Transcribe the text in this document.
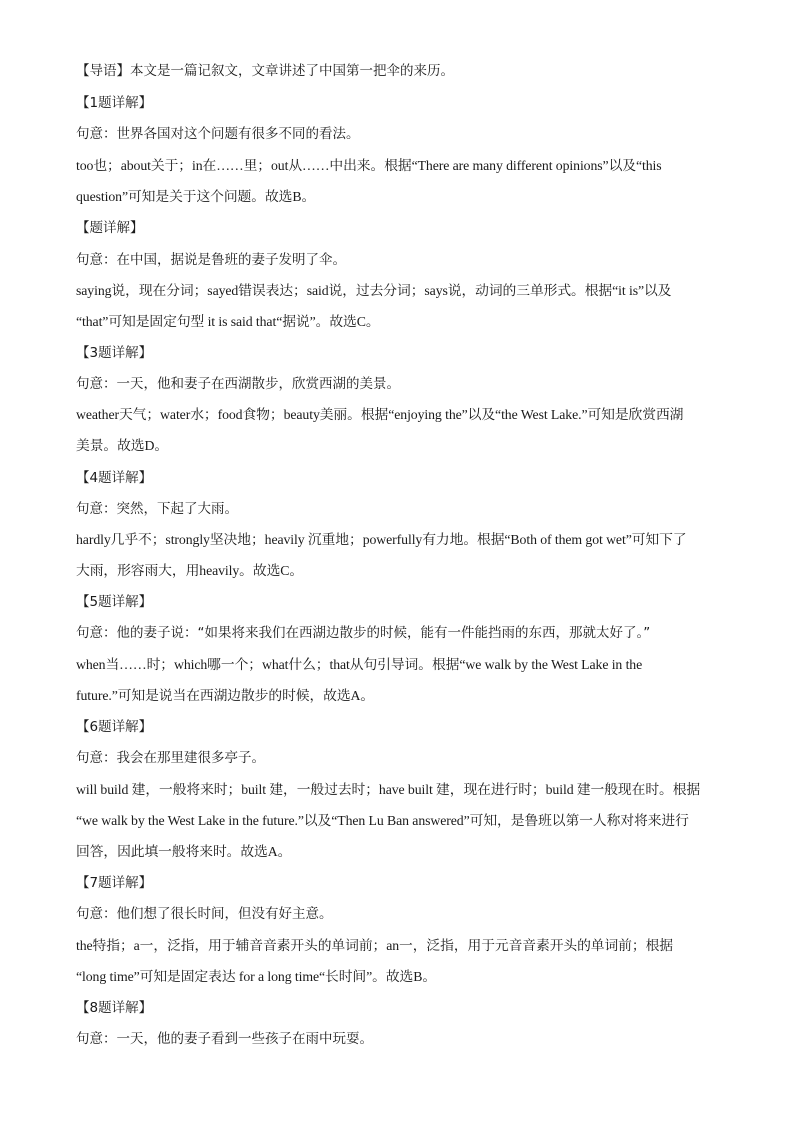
【导语】本文是一篇记叙文，文章讲述了中国第一把伞的来历。
【1题详解】
句意：世界各国对这个问题有很多不同的看法。
too也；about关于；in在……里；out从……中出来。根据“There are many different opinions”以及“this
question”可知是关于这个问题。故选B。
【题详解】
句意：在中国，据说是鲁班的妻子发明了伞。
saying说，现在分词；sayed错误表达；said说，过去分词；says说，动词的三单形式。根据“it is”以及
“that”可知是固定句型 it is said that“据说”。故选C。
【3题详解】
句意：一天，他和妻子在西湖散步，欣赏西湖的美景。
weather天气；water水；food食物；beauty美丽。根据“enjoying the”以及“the West Lake.”可知是欣赏西湖
美景。故选D。
【4题详解】
句意：突然，下起了大雨。
hardly几乎不；strongly坚决地；heavily 沉重地；powerfully有力地。根据“Both of them got wet”可知下了
大雨，形容雨大，用heavily。故选C。
【5题详解】
句意：他的妻子说：“如果将来我们在西湖边散步的时候，能有一件能挡雨的东西，那就太好了。”
when当……时；which哪一个；what什么；that从句引导词。根据“we walk by the West Lake in the
future.”可知是说当在西湖边散步的时候，故选A。
【6题详解】
句意：我会在那里建很多亭子。
will build 建，一般将来时；built 建，一般过去时；have built 建，现在进行时；build 建一般现在时。根据
“we walk by the West Lake in the future.”以及“Then Lu Ban answered”可知，是鲁班以第一人称对将来进行
回答，因此填一般将来时。故选A。
【7题详解】
句意：他们想了很长时间，但没有好主意。
the特指；a一，泛指，用于辅音音素开头的单词前；an一，泛指，用于元音音素开头的单词前；根据
“long time”可知是固定表达 for a long time“长时间”。故选B。
【8题详解】
句意：一天，他的妻子看到一些孩子在雨中玩耍。
